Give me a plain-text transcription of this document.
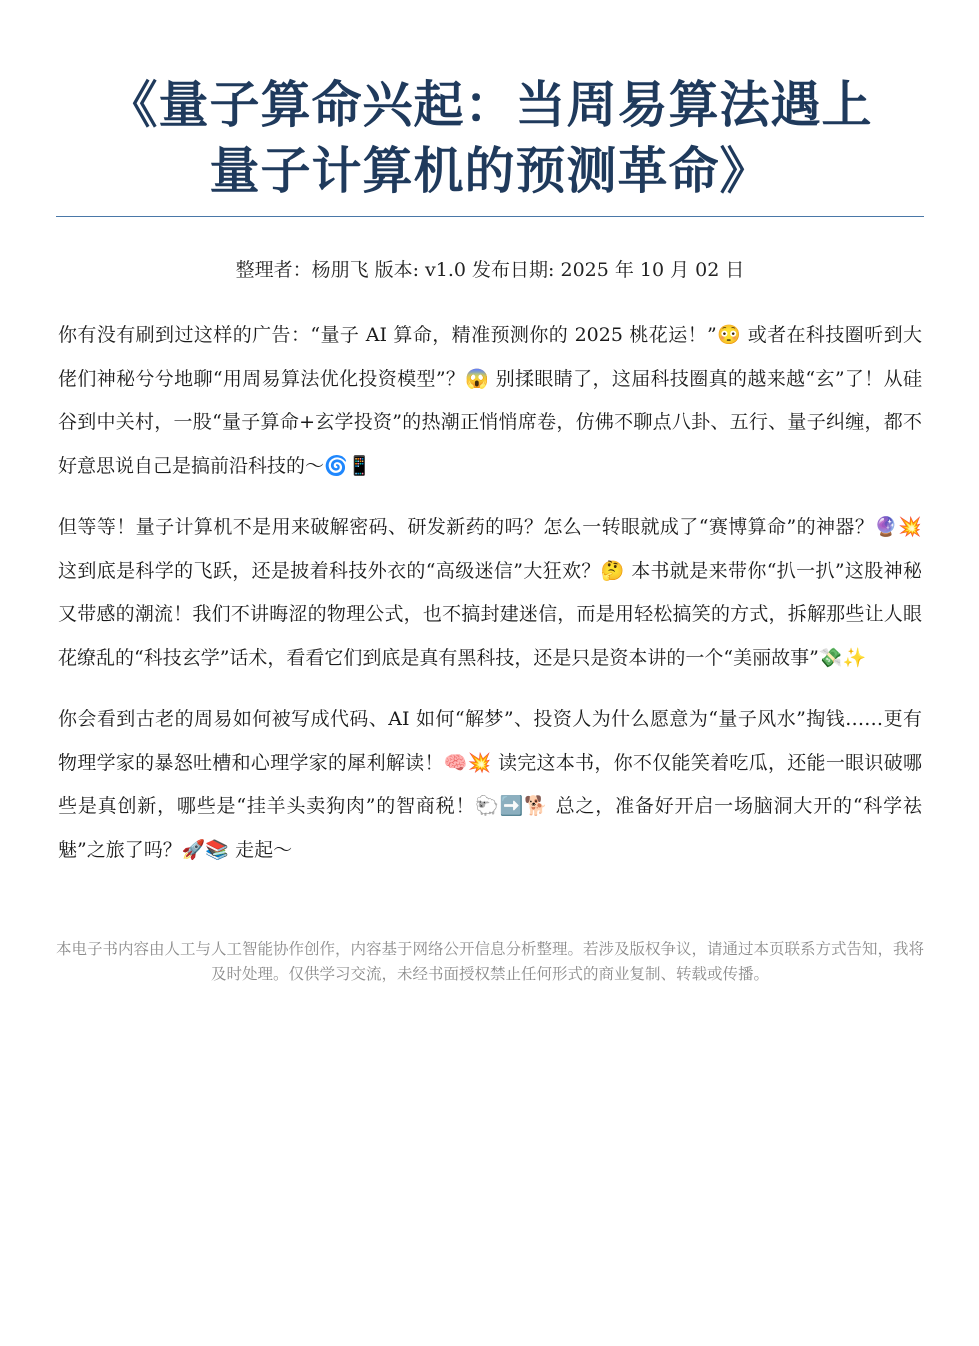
《量子算命兴起：当周易算法遇上
量子计算机的预测革命》
整理者：杨朋飞 版本: v1.0 发布日期: 2025 年 10 月 02 日

你有没有刷到过这样的广告：“量子 AI 算命，精准预测你的 2025 桃花运！”😳 或者在科技圈听到大佬们神秘兮兮地聊“用周易算法优化投资模型”？😱 别揉眼睛了，这届科技圈真的越来越“玄”了！从硅谷到中关村，一股“量子算命+玄学投资”的热潮正悄悄席卷，仿佛不聊点八卦、五行、量子纠缠，都不好意思说自己是搞前沿科技的～🌀📱

但等等！量子计算机不是用来破解密码、研发新药的吗？怎么一转眼就成了“赛博算命”的神器？🔮💥 这到底是科学的飞跃，还是披着科技外衣的“高级迷信”大狂欢？🤔 本书就是来带你“扒一扒”这股神秘又带感的潮流！我们不讲晦涩的物理公式，也不搞封建迷信，而是用轻松搞笑的方式，拆解那些让人眼花缭乱的“科技玄学”话术，看看它们到底是真有黑科技，还是只是资本讲的一个“美丽故事”💸✨

你会看到古老的周易如何被写成代码、AI 如何“解梦”、投资人为什么愿意为“量子风水”掏钱……更有物理学家的暴怒吐槽和心理学家的犀利解读！🧠💥 读完这本书，你不仅能笑着吃瓜，还能一眼识破哪些是真创新，哪些是“挂羊头卖狗肉”的智商税！🐑➡️🐕 总之，准备好开启一场脑洞大开的“科学祛魅”之旅了吗？🚀📚 走起～

本电子书内容由人工与人工智能协作创作，内容基于网络公开信息分析整理。若涉及版权争议，请通过本页联系方式告知，我将及时处理。仅供学习交流，未经书面授权禁止任何形式的商业复制、转载或传播。
